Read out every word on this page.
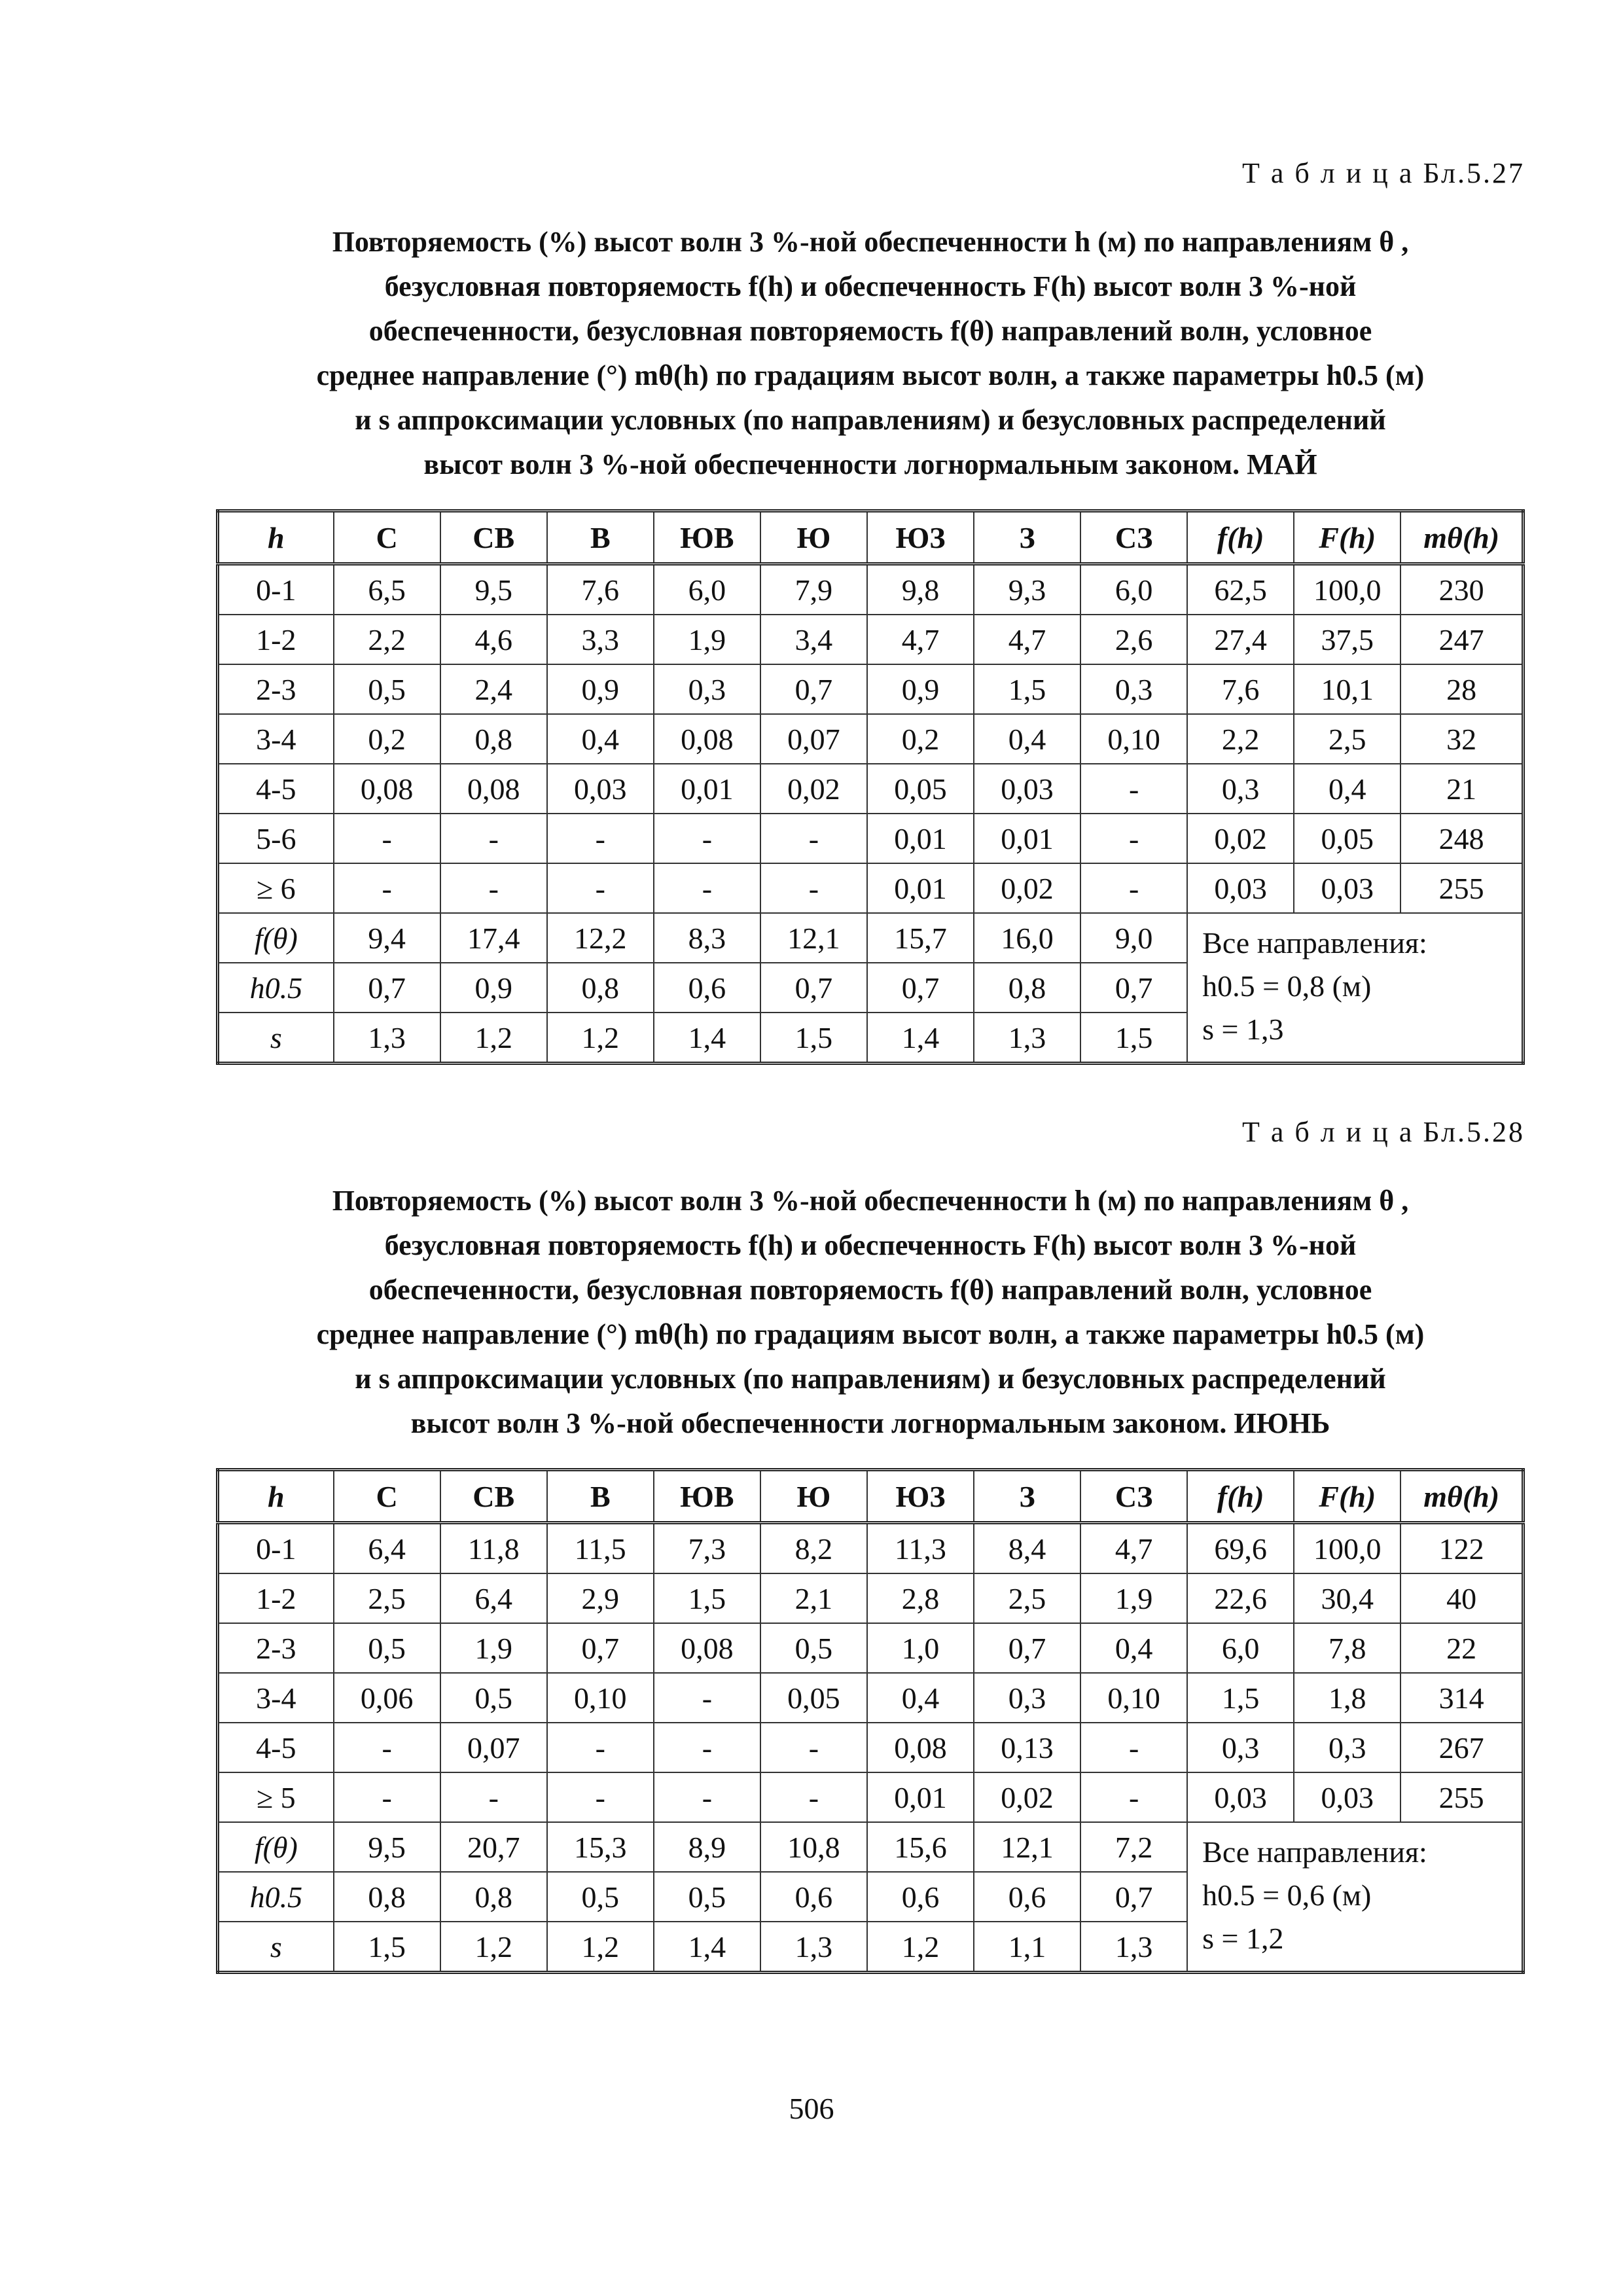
Т а б л и ц а Бл.5.27
Повторяемость (%) высот волн 3 %-ной обеспеченности h (м) по направлениям θ ,
безусловная повторяемость f(h) и обеспеченность F(h) высот волн 3 %-ной
обеспеченности, безусловная повторяемость f(θ) направлений волн, условное
среднее направление (°) mθ(h) по градациям высот волн, а также параметры h0.5 (м)
и s аппроксимации условных (по направлениям) и безусловных распределений
высот волн 3 %-ной обеспеченности логнормальным законом. МАЙ
h	С	СВ	В	ЮВ	Ю	ЮЗ	З	СЗ	f(h)	F(h)	mθ(h)
0-1	6,5	9,5	7,6	6,0	7,9	9,8	9,3	6,0	62,5	100,0	230
1-2	2,2	4,6	3,3	1,9	3,4	4,7	4,7	2,6	27,4	37,5	247
2-3	0,5	2,4	0,9	0,3	0,7	0,9	1,5	0,3	7,6	10,1	28
3-4	0,2	0,8	0,4	0,08	0,07	0,2	0,4	0,10	2,2	2,5	32
4-5	0,08	0,08	0,03	0,01	0,02	0,05	0,03	-	0,3	0,4	21
5-6	-	-	-	-	-	0,01	0,01	-	0,02	0,05	248
≥ 6	-	-	-	-	-	0,01	0,02	-	0,03	0,03	255
f(θ)	9,4	17,4	12,2	8,3	12,1	15,7	16,0	9,0	Все направления:
h0.5 = 0,8 (м)
s = 1,3		

h0.5	0,7	0,9	0,8	0,6	0,7	0,7	0,8	0,7			
s	1,3	1,2	1,2	1,4	1,5	1,4	1,3	1,5			
Т а б л и ц а Бл.5.28
Повторяемость (%) высот волн 3 %-ной обеспеченности h (м) по направлениям θ ,
безусловная повторяемость f(h) и обеспеченность F(h) высот волн 3 %-ной
обеспеченности, безусловная повторяемость f(θ) направлений волн, условное
среднее направление (°) mθ(h) по градациям высот волн, а также параметры h0.5 (м)
и s аппроксимации условных (по направлениям) и безусловных распределений
высот волн 3 %-ной обеспеченности логнормальным законом. ИЮНЬ
h	С	СВ	В	ЮВ	Ю	ЮЗ	З	СЗ	f(h)	F(h)	mθ(h)
0-1	6,4	11,8	11,5	7,3	8,2	11,3	8,4	4,7	69,6	100,0	122
1-2	2,5	6,4	2,9	1,5	2,1	2,8	2,5	1,9	22,6	30,4	40
2-3	0,5	1,9	0,7	0,08	0,5	1,0	0,7	0,4	6,0	7,8	22
3-4	0,06	0,5	0,10	-	0,05	0,4	0,3	0,10	1,5	1,8	314
4-5	-	0,07	-	-	-	0,08	0,13	-	0,3	0,3	267
≥ 5	-	-	-	-	-	0,01	0,02	-	0,03	0,03	255
f(θ)	9,5	20,7	15,3	8,9	10,8	15,6	12,1	7,2	Все направления:
h0.5 = 0,6 (м)
s = 1,2		

h0.5	0,8	0,8	0,5	0,5	0,6	0,6	0,6	0,7			
s	1,5	1,2	1,2	1,4	1,3	1,2	1,1	1,3			
506
